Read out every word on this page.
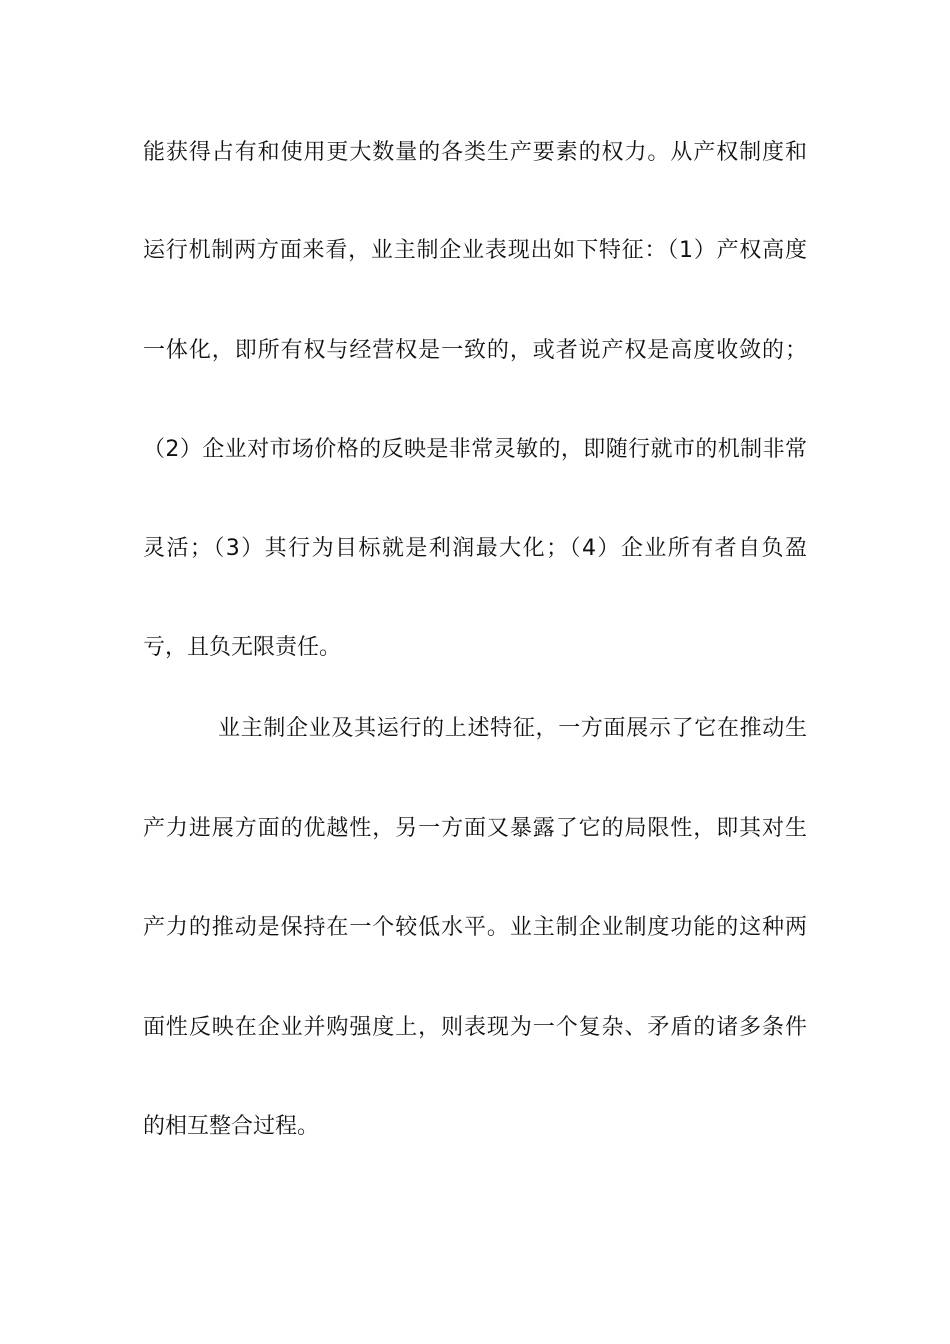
能获得占有和使用更大数量的各类生产要素的权力。从产权制度和
运行机制两方面来看，业主制企业表现出如下特征：（1）产权高度
一体化，即所有权与经营权是一致的，或者说产权是高度收敛的；
（2）企业对市场价格的反映是非常灵敏的，即随行就市的机制非常
灵活；（3）其行为目标就是利润最大化；（4）企业所有者自负盈
亏，且负无限责任。
业主制企业及其运行的上述特征，一方面展示了它在推动生
产力进展方面的优越性，另一方面又暴露了它的局限性，即其对生
产力的推动是保持在一个较低水平。业主制企业制度功能的这种两
面性反映在企业并购强度上，则表现为一个复杂、矛盾的诸多条件
的相互整合过程。
